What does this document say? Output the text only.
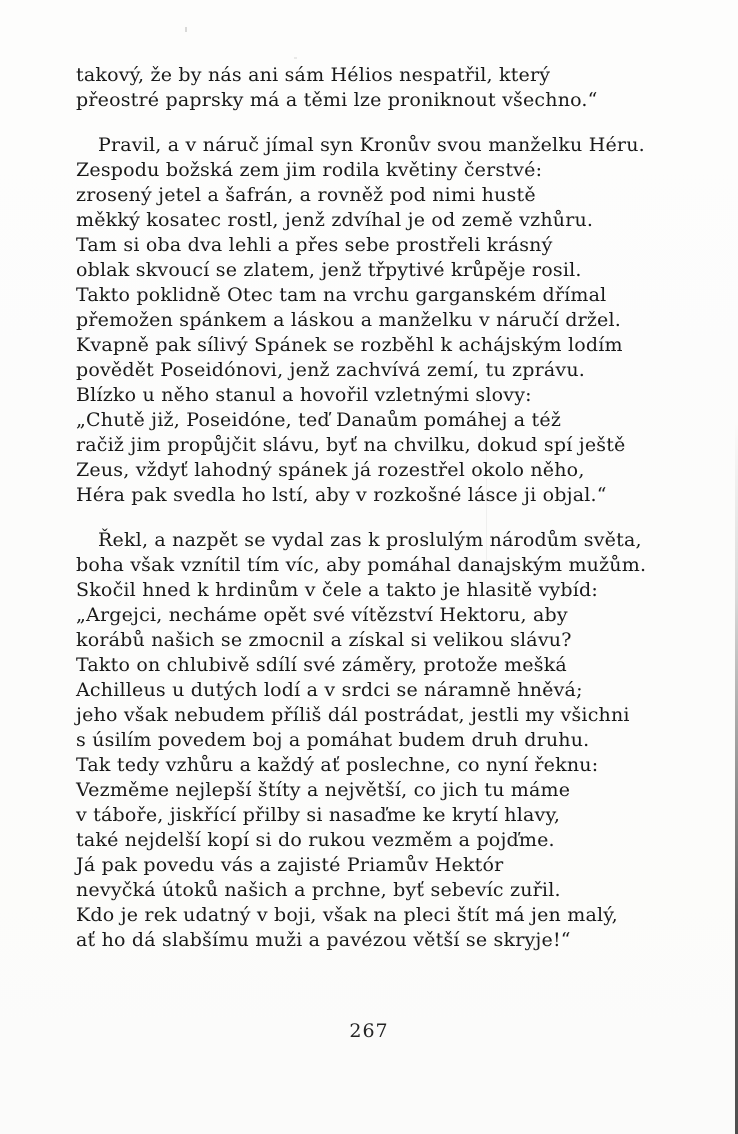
takový, že by nás ani sám Hélios nespatřil, který
přeostré paprsky má a těmi lze proniknout všechno.“
Pravil, a v náruč jímal syn Kronův svou manželku Héru.
Zespodu božská zem jim rodila květiny čerstvé:
zrosený jetel a šafrán, a rovněž pod nimi hustě
měkký kosatec rostl, jenž zdvíhal je od země vzhůru.
Tam si oba dva lehli a přes sebe prostřeli krásný
oblak skvoucí se zlatem, jenž třpytivé krůpěje rosil.
Takto poklidně Otec tam na vrchu garganském dřímal
přemožen spánkem a láskou a manželku v náručí držel.
Kvapně pak sílivý Spánek se rozběhl k achájským lodím
povědět Poseidónovi, jenž zachvívá zemí, tu zprávu.
Blízko u něho stanul a hovořil vzletnými slovy:
„Chutě již, Poseidóne, teď Danaům pomáhej a též
račiž jim propůjčit slávu, byť na chvilku, dokud spí ještě
Zeus, vždyť lahodný spánek já rozestřel okolo něho,
Héra pak svedla ho lstí, aby v rozkošné lásce ji objal.“
Řekl, a nazpět se vydal zas k proslulým národům světa,
boha však vznítil tím víc, aby pomáhal danajským mužům.
Skočil hned k hrdinům v čele a takto je hlasitě vybíd:
„Argejci, necháme opět své vítězství Hektoru, aby
korábů našich se zmocnil a získal si velikou slávu?
Takto on chlubivě sdílí své záměry, protože mešká
Achilleus u dutých lodí a v srdci se náramně hněvá;
jeho však nebudem příliš dál postrádat, jestli my všichni
s úsilím povedem boj a pomáhat budem druh druhu.
Tak tedy vzhůru a každý ať poslechne, co nyní řeknu:
Vezměme nejlepší štíty a největší, co jich tu máme
v táboře, jiskřící přilby si nasaďme ke krytí hlavy,
také nejdelší kopí si do rukou vezměm a pojďme.
Já pak povedu vás a zajisté Priamův Hektór
nevyčká útoků našich a prchne, byť sebevíc zuřil.
Kdo je rek udatný v boji, však na pleci štít má jen malý,
ať ho dá slabšímu muži a pavézou větší se skryje!“
267
